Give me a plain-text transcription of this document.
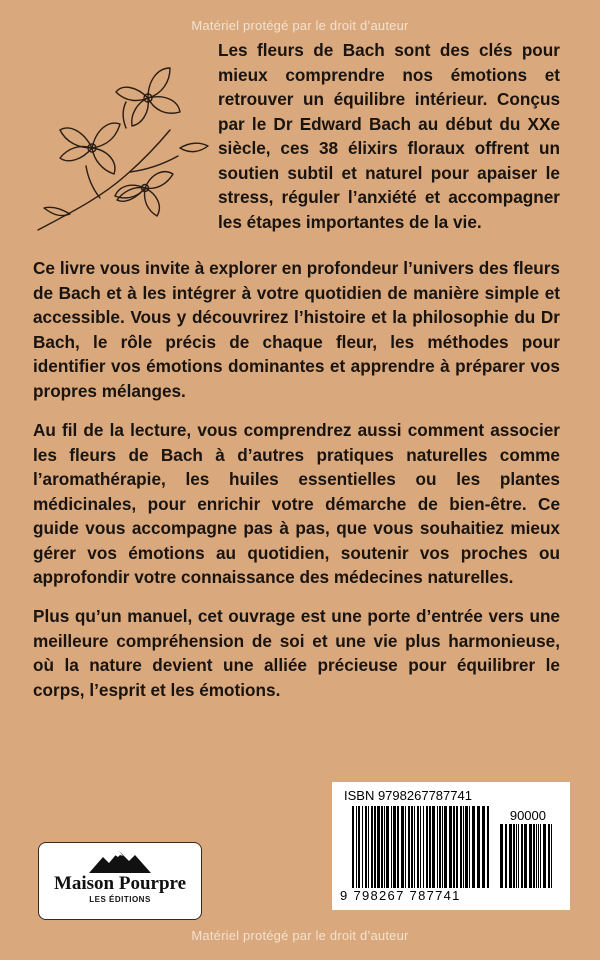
Matériel protégé par le droit d’auteur

Les fleurs de Bach sont des clés pour mieux comprendre nos émotions et retrouver un équilibre intérieur. Conçus par le Dr Edward Bach au début du XXe siècle, ces 38 élixirs floraux offrent un soutien subtil et naturel pour apaiser le stress, réguler l’anxiété et accompagner les étapes importantes de la vie.

Ce livre vous invite à explorer en profondeur l’univers des fleurs de Bach et à les intégrer à votre quotidien de manière simple et accessible. Vous y découvrirez l’histoire et la philosophie du Dr Bach, le rôle précis de chaque fleur, les méthodes pour identifier vos émotions dominantes et apprendre à préparer vos propres mélanges.

Au fil de la lecture, vous comprendrez aussi comment associer les fleurs de Bach à d’autres pratiques naturelles comme l’aromathérapie, les huiles essentielles ou les plantes médicinales, pour enrichir votre démarche de bien-être. Ce guide vous accompagne pas à pas, que vous souhaitiez mieux gérer vos émotions au quotidien, soutenir vos proches ou approfondir votre connaissance des médecines naturelles.

Plus qu’un manuel, cet ouvrage est une porte d’entrée vers une meilleure compréhension de soi et une vie plus harmonieuse, où la nature devient une alliée précieuse pour équilibrer le corps, l’esprit et les émotions.

ISBN 9798267787741
90000
9 798267 787741
Maison Pourpre
LES ÉDITIONS
Matériel protégé par le droit d’auteur
